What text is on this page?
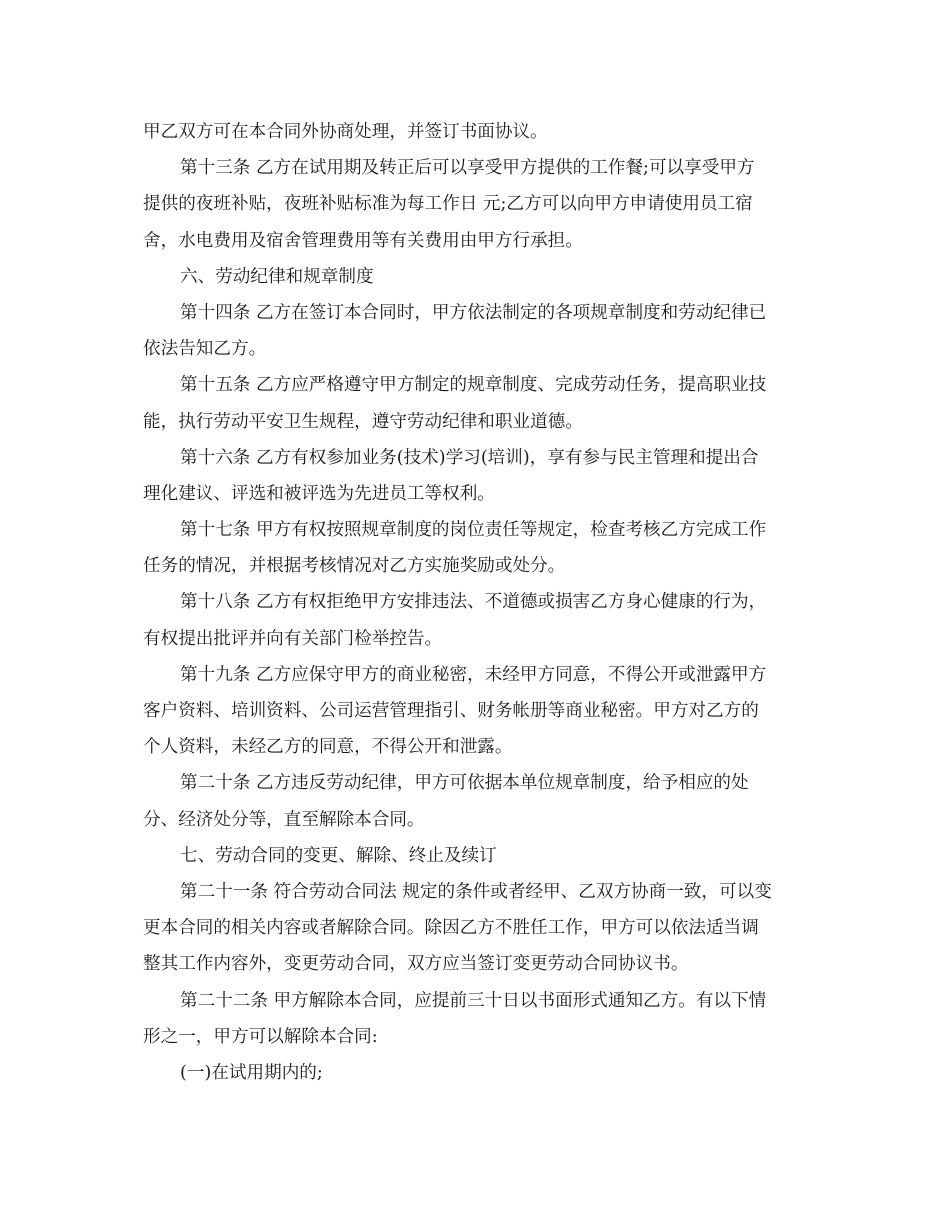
甲乙双方可在本合同外协商处理，并签订书面协议。
第十三条 乙方在试用期及转正后可以享受甲方提供的工作餐;可以享受甲方
提供的夜班补贴，夜班补贴标准为每工作日 元;乙方可以向甲方申请使用员工宿
舍，水电费用及宿舍管理费用等有关费用由甲方行承担。
六、劳动纪律和规章制度
第十四条 乙方在签订本合同时，甲方依法制定的各项规章制度和劳动纪律已
依法告知乙方。
第十五条 乙方应严格遵守甲方制定的规章制度、完成劳动任务，提高职业技
能，执行劳动平安卫生规程，遵守劳动纪律和职业道德。
第十六条 乙方有权参加业务(技术)学习(培训)，享有参与民主管理和提出合
理化建议、评选和被评选为先进员工等权利。
第十七条 甲方有权按照规章制度的岗位责任等规定，检查考核乙方完成工作
任务的情况，并根据考核情况对乙方实施奖励或处分。
第十八条 乙方有权拒绝甲方安排违法、不道德或损害乙方身心健康的行为，
有权提出批评并向有关部门检举控告。
第十九条 乙方应保守甲方的商业秘密，未经甲方同意，不得公开或泄露甲方
客户资料、培训资料、公司运营管理指引、财务帐册等商业秘密。甲方对乙方的
个人资料，未经乙方的同意，不得公开和泄露。
第二十条 乙方违反劳动纪律，甲方可依据本单位规章制度，给予相应的处
分、经济处分等，直至解除本合同。
七、劳动合同的变更、解除、终止及续订
第二十一条 符合劳动合同法 规定的条件或者经甲、乙双方协商一致，可以变
更本合同的相关内容或者解除合同。除因乙方不胜任工作，甲方可以依法适当调
整其工作内容外，变更劳动合同，双方应当签订变更劳动合同协议书。
第二十二条 甲方解除本合同，应提前三十日以书面形式通知乙方。有以下情
形之一，甲方可以解除本合同:
(一)在试用期内的;
